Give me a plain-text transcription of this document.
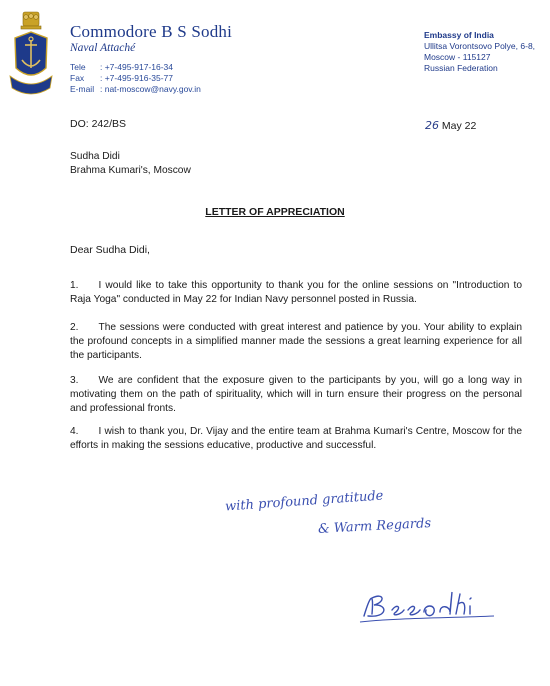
Commodore B S Sodhi
Naval Attaché
Tele	: +7-495-917-16-34
Fax	: +7-495-916-35-77
E-mail : nat-moscow@navy.gov.in
Embassy of India
Ullitsa Vorontsovo Polye, 6-8,
Moscow - 115127
Russian Federation
DO: 242/BS	26 May 22
Sudha Didi
Brahma Kumari's, Moscow
LETTER OF APPRECIATION
Dear Sudha Didi,
1. I would like to take this opportunity to thank you for the online sessions on "Introduction to Raja Yoga" conducted in May 22 for Indian Navy personnel posted in Russia.
2. The sessions were conducted with great interest and patience by you. Your ability to explain the profound concepts in a simplified manner made the sessions a great learning experience for all the participants.
3. We are confident that the exposure given to the participants by you, will go a long way in motivating them on the path of spirituality, which will in turn ensure their progress on the personal and professional fronts.
4. I wish to thank you, Dr. Vijay and the entire team at Brahma Kumari's Centre, Moscow for the efforts in making the sessions educative, productive and successful.
with profound gratitude
& Warm Regards
